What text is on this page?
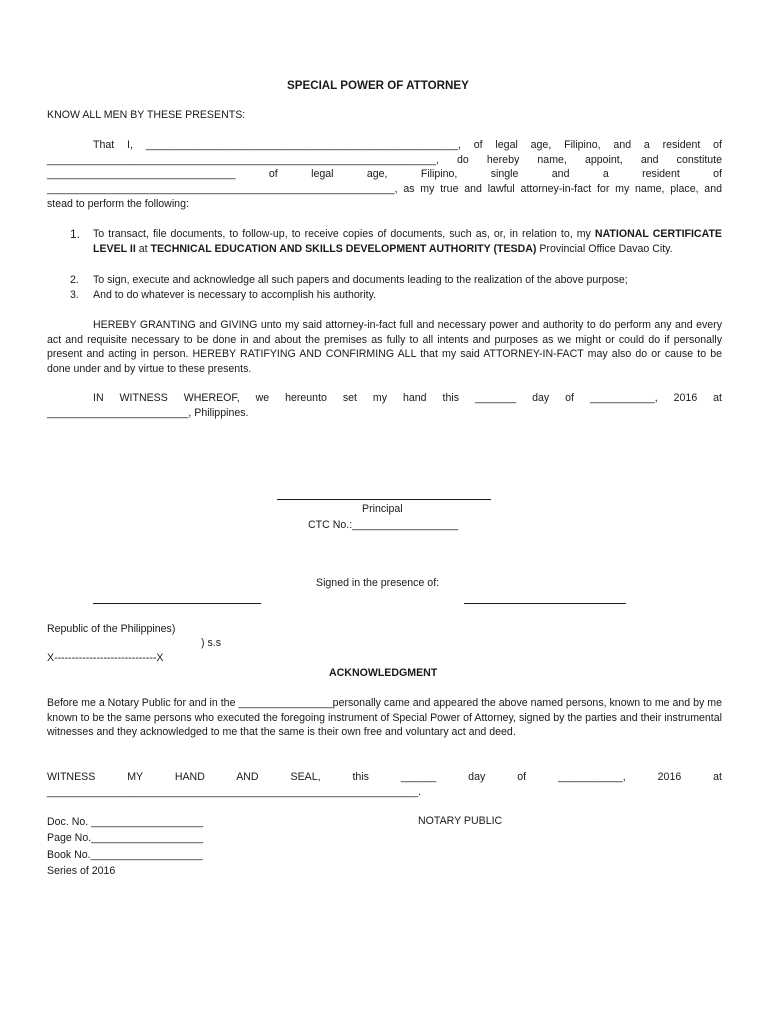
SPECIAL POWER OF ATTORNEY
KNOW ALL MEN BY THESE PRESENTS:
That I, _____________________________________________________, of legal age, Filipino, and a resident of
__________________________________________________________________, do hereby name, appoint, and constitute
________________________________ of legal age, Filipino, single and a resident of
___________________________________________________________, as my true and lawful attorney-in-fact for my name, place, and
stead to perform the following:
1. To transact, file documents, to follow-up, to receive copies of documents, such as, or, in relation to, my NATIONAL CERTIFICATE LEVEL II at TECHNICAL EDUCATION AND SKILLS DEVELOPMENT AUTHORITY (TESDA) Provincial Office Davao City.
2. To sign, execute and acknowledge all such papers and documents leading to the realization of the above purpose;
3. And to do whatever is necessary to accomplish his authority.
HEREBY GRANTING and GIVING unto my said attorney-in-fact full and necessary power and authority to do perform any and every act and requisite necessary to be done in and about the premises as fully to all intents and purposes as we might or could do if personally present and acting in person. HEREBY RATIFYING AND CONFIRMING ALL that my said ATTORNEY-IN-FACT may also do or cause to be done under and by virtue to these presents.
IN WITNESS WHEREOF, we hereunto set my hand this _______ day of ___________, 2016 at
________________________, Philippines.
Principal
CTC No.:__________________
Signed in the presence of:
Republic of the Philippines)
) s.s
X-----------------------------X
ACKNOWLEDGMENT
Before me a Notary Public for and in the ________________personally came and appeared the above named persons, known to me and by me known to be the same persons who executed the foregoing instrument of Special Power of Attorney, signed by the parties and their instrumental witnesses and they acknowledged to me that the same is their own free and voluntary act and deed.
WITNESS MY HAND AND SEAL, this ______ day of ___________, 2016 at
_______________________________________________________________.
NOTARY PUBLIC
Doc. No. ___________________
Page No.___________________
Book No.___________________
Series of 2016
